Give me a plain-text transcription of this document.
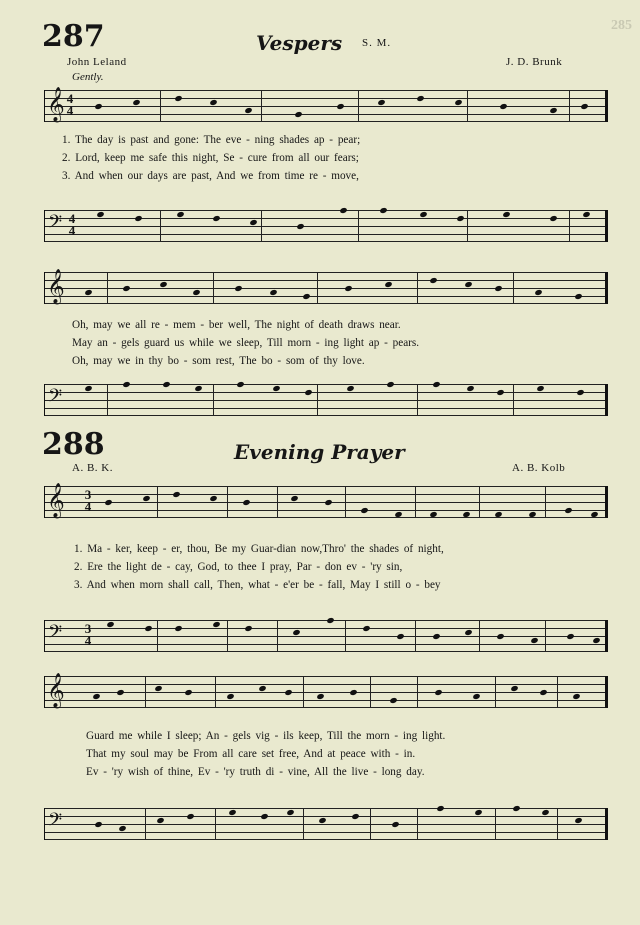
285
287	Vespers S. M.
John Leland	J. D. Brunk
Gently.
𝄞 4
4
1. The day is past and gone: The eve - ning shades ap - pear;
2. Lord, keep me safe this night, Se - cure from all our fears;
3. And when our days are past, And we from time re - move,
𝄢 4
4
𝄞
Oh, may we all re - mem - ber well, The night of death draws near.
May an - gels guard us while we sleep, Till morn - ing light ap - pears.
Oh, may we in thy bo - som rest, The bo - som of thy love.
𝄢
288	Evening Prayer
A. B. K.	A. B. Kolb
𝄞 3
4
1. Ma - ker, keep - er, thou, Be my Guar-dian now,Thro' the shades of night,
2. Ere the light de - cay, God, to thee I pray, Par - don ev - 'ry sin,
3. And when morn shall call, Then, what - e'er be - fall, May I still o - bey
𝄢 3
4
𝄞
Guard me while I sleep; An - gels vig - ils keep, Till the morn - ing light.
That my soul may be From all care set free, And at peace with - in.
Ev - 'ry wish of thine, Ev - 'ry truth di - vine, All the live - long day.
𝄢
